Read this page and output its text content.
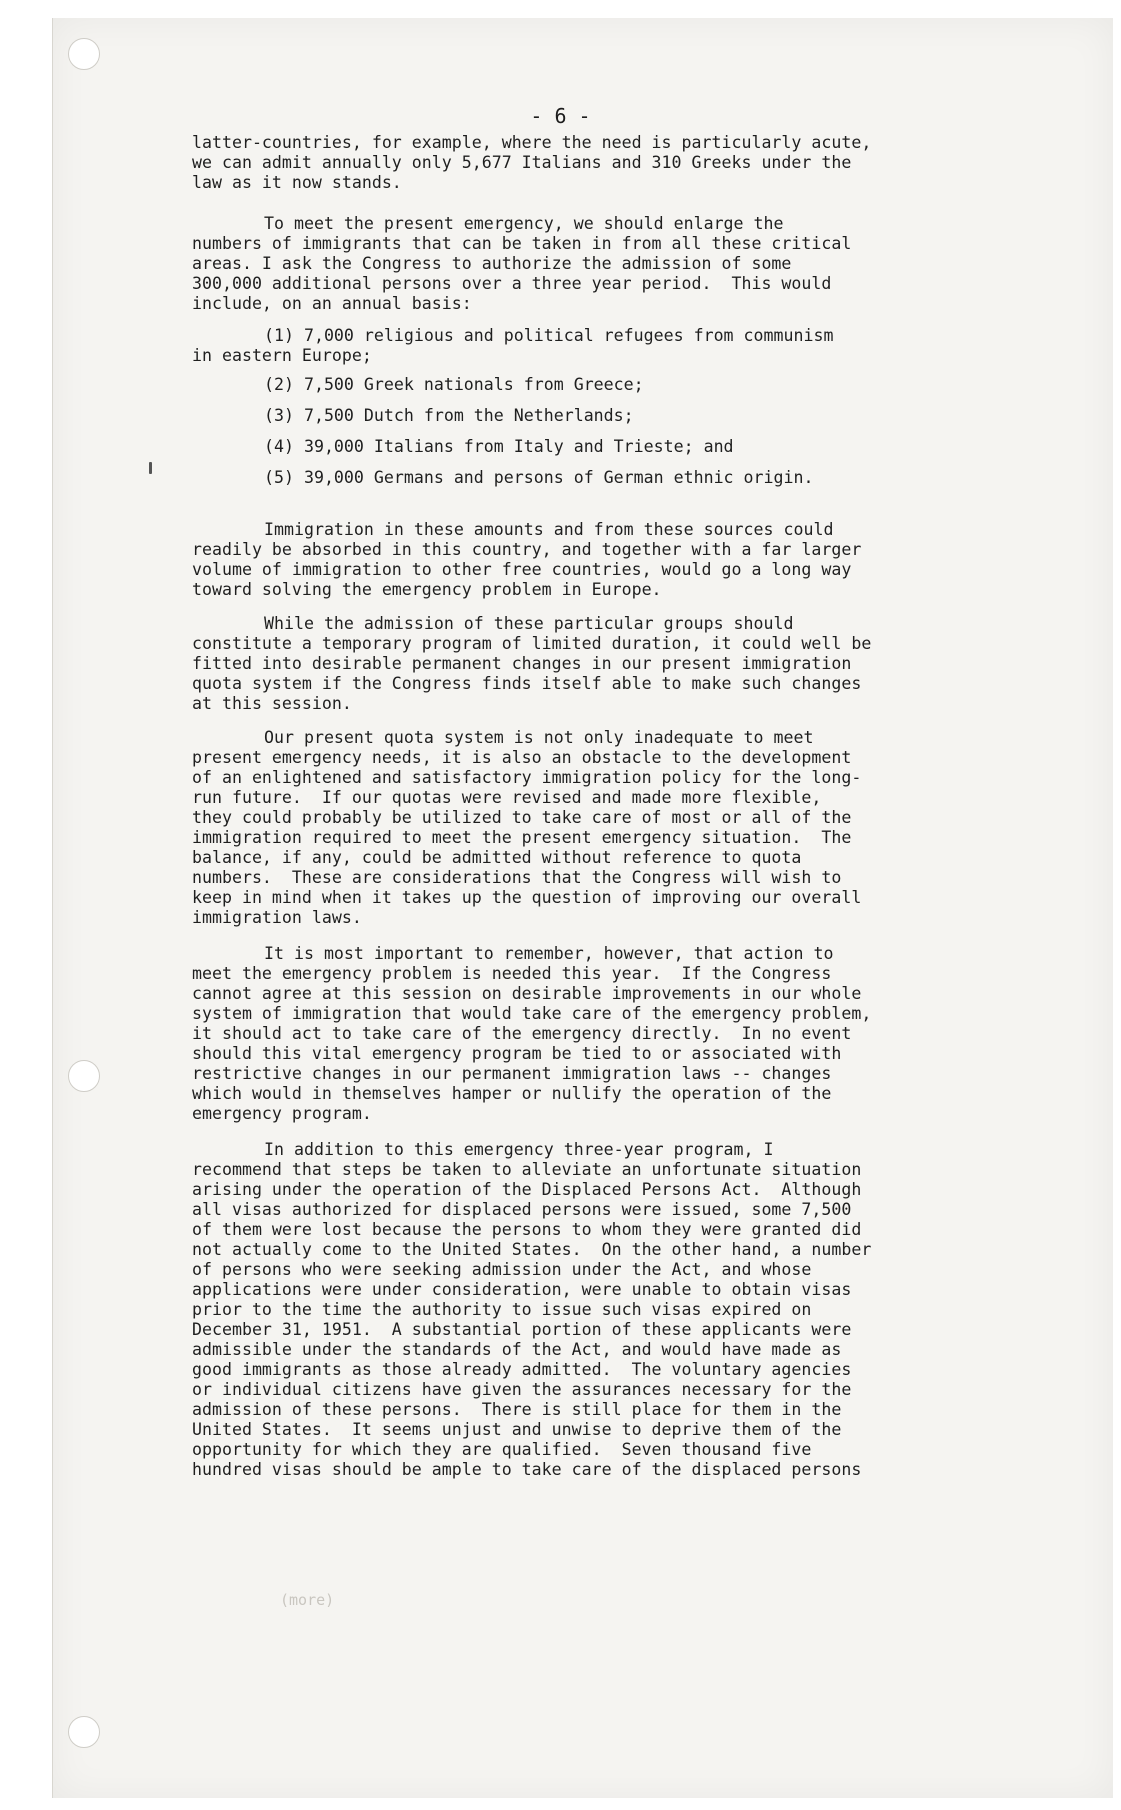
- 6 -
latter-countries, for example, where the need is particularly acute,
we can admit annually only 5,677 Italians and 310 Greeks under the
law as it now stands.
To meet the present emergency, we should enlarge the
numbers of immigrants that can be taken in from all these critical
areas. I ask the Congress to authorize the admission of some
300,000 additional persons over a three year period.  This would
include, on an annual basis:
(1) 7,000 religious and political refugees from communism
in eastern Europe;
(2) 7,500 Greek nationals from Greece;
(3) 7,500 Dutch from the Netherlands;
(4) 39,000 Italians from Italy and Trieste; and
(5) 39,000 Germans and persons of German ethnic origin.
Immigration in these amounts and from these sources could
readily be absorbed in this country, and together with a far larger
volume of immigration to other free countries, would go a long way
toward solving the emergency problem in Europe.
While the admission of these particular groups should
constitute a temporary program of limited duration, it could well be
fitted into desirable permanent changes in our present immigration
quota system if the Congress finds itself able to make such changes
at this session.
Our present quota system is not only inadequate to meet
present emergency needs, it is also an obstacle to the development
of an enlightened and satisfactory immigration policy for the long-
run future.  If our quotas were revised and made more flexible,
they could probably be utilized to take care of most or all of the
immigration required to meet the present emergency situation.  The
balance, if any, could be admitted without reference to quota
numbers.  These are considerations that the Congress will wish to
keep in mind when it takes up the question of improving our overall
immigration laws.
It is most important to remember, however, that action to
meet the emergency problem is needed this year.  If the Congress
cannot agree at this session on desirable improvements in our whole
system of immigration that would take care of the emergency problem,
it should act to take care of the emergency directly.  In no event
should this vital emergency program be tied to or associated with
restrictive changes in our permanent immigration laws -- changes
which would in themselves hamper or nullify the operation of the
emergency program.
In addition to this emergency three-year program, I
recommend that steps be taken to alleviate an unfortunate situation
arising under the operation of the Displaced Persons Act.  Although
all visas authorized for displaced persons were issued, some 7,500
of them were lost because the persons to whom they were granted did
not actually come to the United States.  On the other hand, a number
of persons who were seeking admission under the Act, and whose
applications were under consideration, were unable to obtain visas
prior to the time the authority to issue such visas expired on
December 31, 1951.  A substantial portion of these applicants were
admissible under the standards of the Act, and would have made as
good immigrants as those already admitted.  The voluntary agencies
or individual citizens have given the assurances necessary for the
admission of these persons.  There is still place for them in the
United States.  It seems unjust and unwise to deprive them of the
opportunity for which they are qualified.  Seven thousand five
hundred visas should be ample to take care of the displaced persons
(more)
